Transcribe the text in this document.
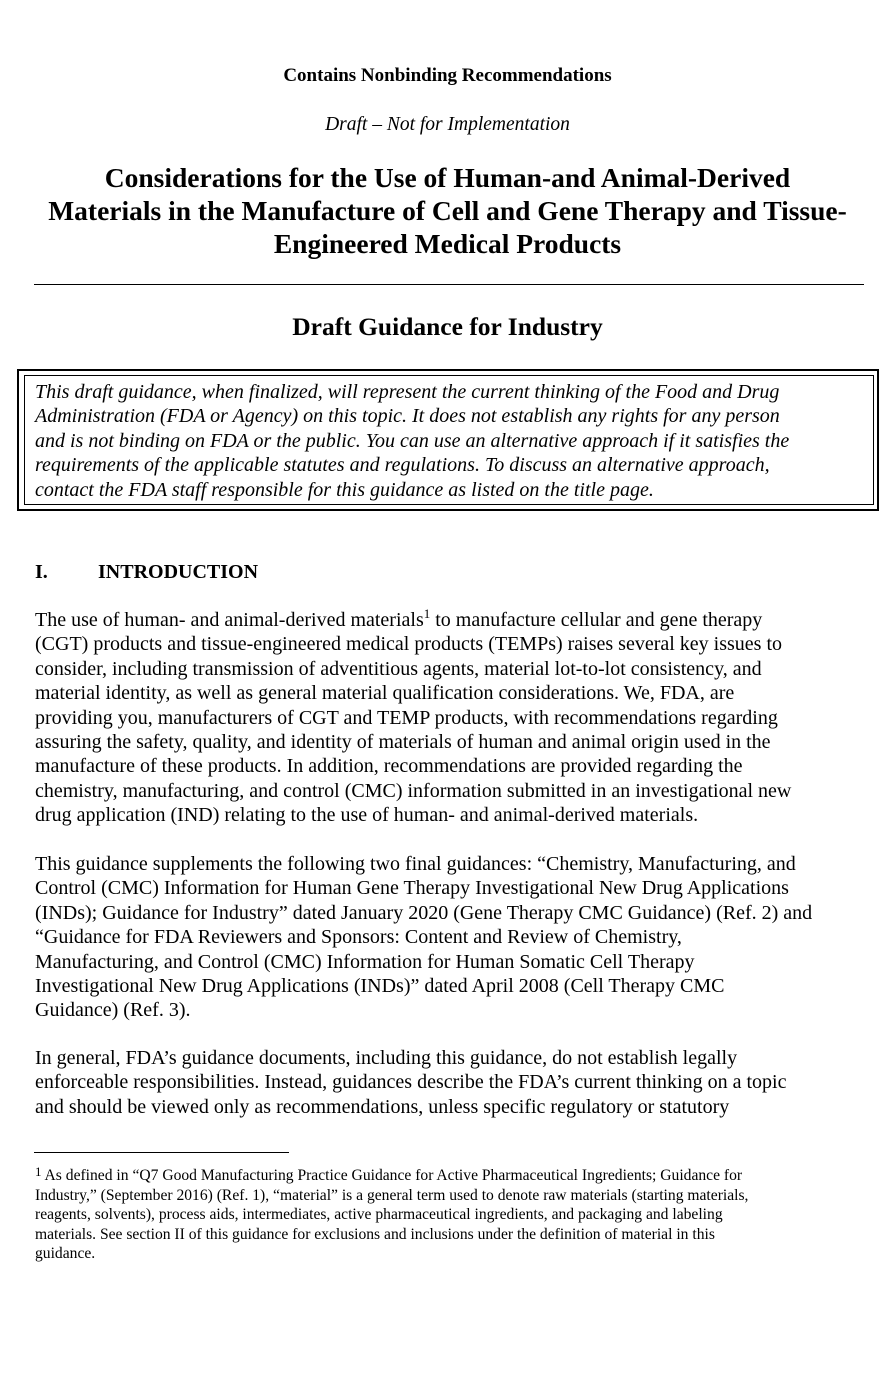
Contains Nonbinding Recommendations
Draft – Not for Implementation
Considerations for the Use of Human-and Animal-Derived
Materials in the Manufacture of Cell and Gene Therapy and Tissue-
Engineered Medical Products
Draft Guidance for Industry
This draft guidance, when finalized, will represent the current thinking of the Food and Drug
Administration (FDA or Agency) on this topic. It does not establish any rights for any person
and is not binding on FDA or the public. You can use an alternative approach if it satisfies the
requirements of the applicable statutes and regulations. To discuss an alternative approach,
contact the FDA staff responsible for this guidance as listed on the title page.
I.	INTRODUCTION
The use of human- and animal-derived materials$^1$ to manufacture cellular and gene therapy
(CGT) products and tissue-engineered medical products (TEMPs) raises several key issues to
consider, including transmission of adventitious agents, material lot-to-lot consistency, and
material identity, as well as general material qualification considerations. We, FDA, are
providing you, manufacturers of CGT and TEMP products, with recommendations regarding
assuring the safety, quality, and identity of materials of human and animal origin used in the
manufacture of these products. In addition, recommendations are provided regarding the
chemistry, manufacturing, and control (CMC) information submitted in an investigational new
drug application (IND) relating to the use of human- and animal-derived materials.
This guidance supplements the following two final guidances: “Chemistry, Manufacturing, and
Control (CMC) Information for Human Gene Therapy Investigational New Drug Applications
(INDs); Guidance for Industry” dated January 2020 (Gene Therapy CMC Guidance) (Ref. 2) and
“Guidance for FDA Reviewers and Sponsors: Content and Review of Chemistry,
Manufacturing, and Control (CMC) Information for Human Somatic Cell Therapy
Investigational New Drug Applications (INDs)” dated April 2008 (Cell Therapy CMC
Guidance) (Ref. 3).
In general, FDA’s guidance documents, including this guidance, do not establish legally
enforceable responsibilities. Instead, guidances describe the FDA’s current thinking on a topic
and should be viewed only as recommendations, unless specific regulatory or statutory
$^1$ As defined in “Q7 Good Manufacturing Practice Guidance for Active Pharmaceutical Ingredients; Guidance for
Industry,” (September 2016) (Ref. 1), “material” is a general term used to denote raw materials (starting materials,
reagents, solvents), process aids, intermediates, active pharmaceutical ingredients, and packaging and labeling
materials. See section II of this guidance for exclusions and inclusions under the definition of material in this
guidance.
